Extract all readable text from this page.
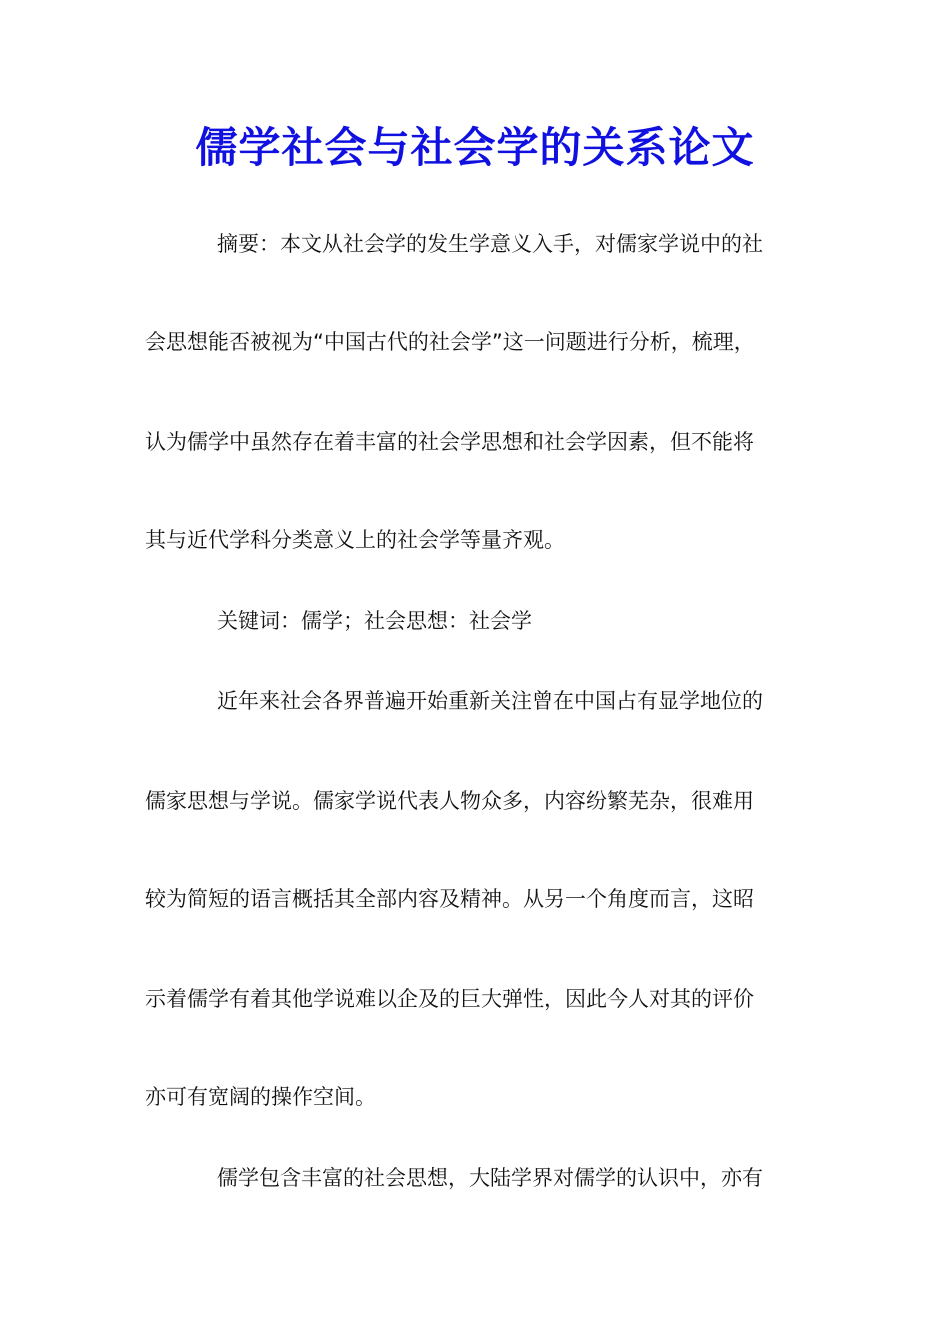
儒学社会与社会学的关系论文
摘要：本文从社会学的发生学意义入手，对儒家学说中的社
会思想能否被视为“中国古代的社会学”这一问题进行分析，梳理，
认为儒学中虽然存在着丰富的社会学思想和社会学因素，但不能将
其与近代学科分类意义上的社会学等量齐观。
关键词：儒学；社会思想：社会学
近年来社会各界普遍开始重新关注曾在中国占有显学地位的
儒家思想与学说。儒家学说代表人物众多，内容纷繁芜杂，很难用
较为简短的语言概括其全部内容及精神。从另一个角度而言，这昭
示着儒学有着其他学说难以企及的巨大弹性，因此今人对其的评价
亦可有宽阔的操作空间。
儒学包含丰富的社会思想，大陆学界对儒学的认识中，亦有
